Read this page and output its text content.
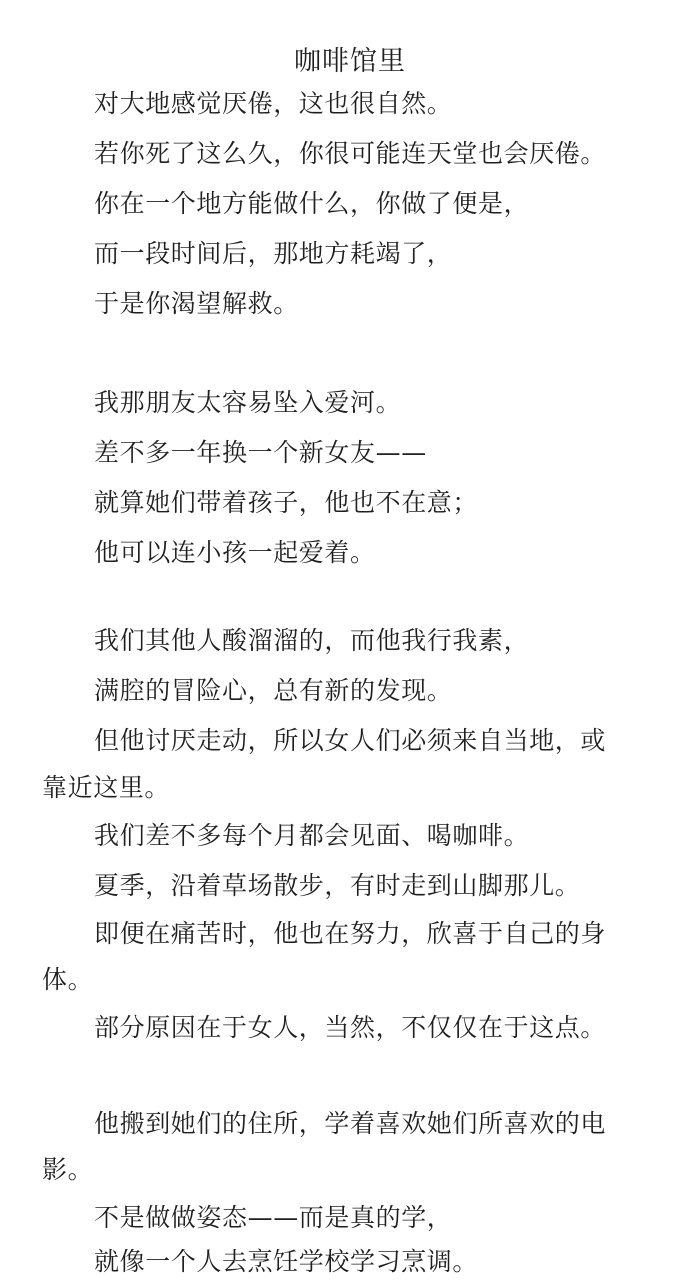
咖啡馆里
对大地感觉厌倦，这也很自然。
若你死了这么久，你很可能连天堂也会厌倦。
你在一个地方能做什么，你做了便是，
而一段时间后，那地方耗竭了，
于是你渴望解救。
我那朋友太容易坠入爱河。
差不多一年换一个新女友——
就算她们带着孩子，他也不在意；
他可以连小孩一起爱着。
我们其他人酸溜溜的，而他我行我素，
满腔的冒险心，总有新的发现。
但他讨厌走动，所以女人们必须来自当地，或
靠近这里。
我们差不多每个月都会见面、喝咖啡。
夏季，沿着草场散步，有时走到山脚那儿。
即便在痛苦时，他也在努力，欣喜于自己的身
体。
部分原因在于女人，当然，不仅仅在于这点。
他搬到她们的住所，学着喜欢她们所喜欢的电
影。
不是做做姿态——而是真的学，
就像一个人去烹饪学校学习烹调。
